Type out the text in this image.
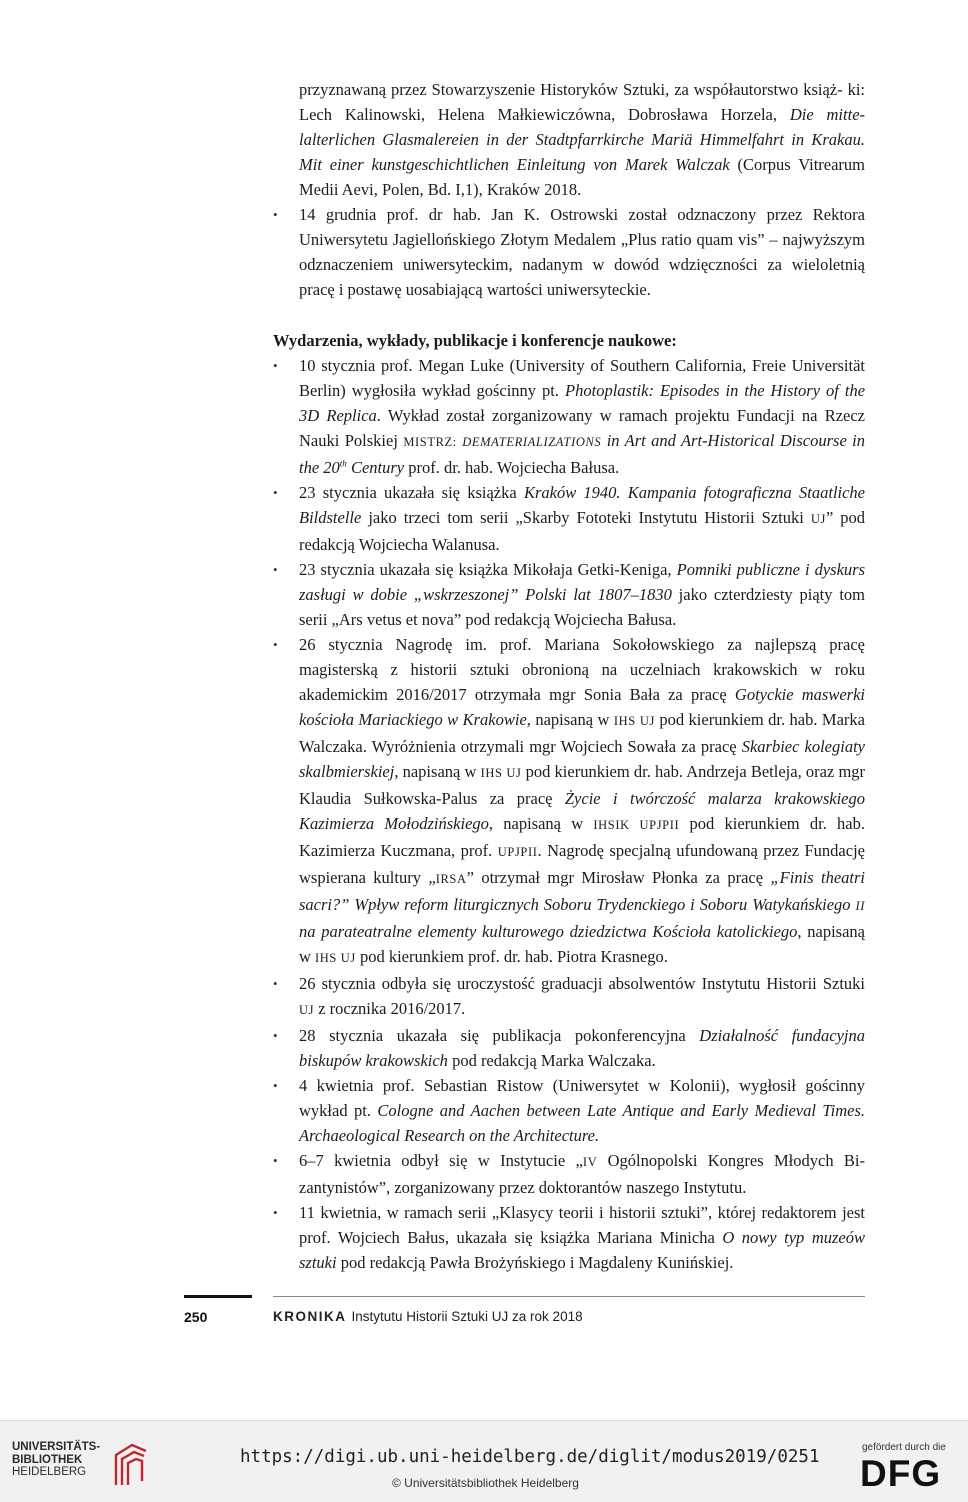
przyznawaną przez Stowarzyszenie Historyków Sztuki, za współautorstwo książ- ki: Lech Kalinowski, Helena Małkiewiczówna, Dobrosława Horzela, Die mitte-lalterlichen Glasmalereien in der Stadtpfarrkirche Mariä Himmelfahrt in Krakau. Mit einer kunstgeschichtlichen Einleitung von Marek Walczak (Corpus Vitrearum Medii Aevi, Polen, Bd. I,1), Kraków 2018.

• 14 grudnia prof. dr hab. Jan K. Ostrowski został odznaczony przez Rektora Uniwersytetu Jagiellońskiego Złotym Medalem „Plus ratio quam vis” – najwyższym odznaczeniem uniwersyteckim, nadanym w dowód wdzięczności za wieloletnią pracę i postawę uosabiającą wartości uniwersyteckie.

Wydarzenia, wykłady, publikacje i konferencje naukowe:

• 10 stycznia prof. Megan Luke (University of Southern California, Freie Universität Berlin) wygłosiła wykład gościnny pt. Photoplastik: Episodes in the History of the 3D Replica. Wykład został zorganizowany w ramach projektu Fundacji na Rzecz Nauki Polskiej MISTRZ: DEMATERIALIZATIONS in Art and Art-Historical Discourse in the 20th Century prof. dr. hab. Wojciecha Bałusa.
• 23 stycznia ukazała się książka Kraków 1940. Kampania fotograficzna Staatliche Bildstelle jako trzeci tom serii „Skarby Fototeki Instytutu Historii Sztuki UJ” pod redakcją Wojciecha Walanusa.
• 23 stycznia ukazała się książka Mikołaja Getki-Keniga, Pomniki publiczne i dyskurs zasługi w dobie „wskrzeszonej” Polski lat 1807–1830 jako czterdziesty piąty tom serii „Ars vetus et nova” pod redakcją Wojciecha Bałusa.
• 26 stycznia Nagrodę im. prof. Mariana Sokołowskiego za najlepszą pracę magisterską z historii sztuki obronioną na uczelniach krakowskich w roku akademickim 2016/2017 otrzymała mgr Sonia Bała za pracę Gotyckie maswerki kościoła Mariackiego w Krakowie, napisaną w IHS UJ pod kierunkiem dr. hab. Marka Walczaka. Wyróżnienia otrzymali mgr Wojciech Sowała za pracę Skarbiec kolegiaty skalbmierskiej, napisaną w IHS UJ pod kierunkiem dr. hab. Andrzeja Betleja, oraz mgr Klaudia Sułkowska-Palus za pracę Życie i twórczość malarza krakowskiego Kazimierza Mołodzińskiego, napisaną w IHSIK UPJPII pod kierunkiem dr. hab. Kazimierza Kuczmana, prof. UPJPII. Nagrodę specjalną ufundowaną przez Fundację wspierana kultury „IRSA” otrzymał mgr Mirosław Płonka za pracę „Finis theatri sacri?” Wpływ reform liturgicznych Soboru Trydenckiego i Soboru Watykańskiego II na parateatralne elementy kulturowego dziedzictwa Kościoła katolickiego, napisaną w IHS UJ pod kierunkiem prof. dr. hab. Piotra Krasnego.
• 26 stycznia odbyła się uroczystość graduacji absolwentów Instytutu Historii Sztuki UJ z rocznika 2016/2017.
• 28 stycznia ukazała się publikacja pokonferencyjna Działalność fundacyjna biskupów krakowskich pod redakcją Marka Walczaka.
• 4 kwietnia prof. Sebastian Ristow (Uniwersytet w Kolonii), wygłosił gościnny wykład pt. Cologne and Aachen between Late Antique and Early Medieval Times. Archaeological Research on the Architecture.
• 6–7 kwietnia odbył się w Instytucie „IV Ogólnopolski Kongres Młodych Bizantynistów”, zorganizowany przez doktorantów naszego Instytutu.
• 11 kwietnia, w ramach serii „Klasycy teorii i historii sztuki”, której redaktorem jest prof. Wojciech Bałus, ukazała się książka Mariana Minicha O nowy typ muzeów sztuki pod redakcją Pawła Brożyńskiego i Magdaleny Kunińskiej.
250	KRONIKA Instytutu Historii Sztuki UJ za rok 2018
UNIVERSITÄTS-
BIBLIOTHEK
HEIDELBERG
https://digi.ub.uni-heidelberg.de/diglit/modus2019/0251
© Universitätsbibliothek Heidelberg
gefördert durch die
DFG
